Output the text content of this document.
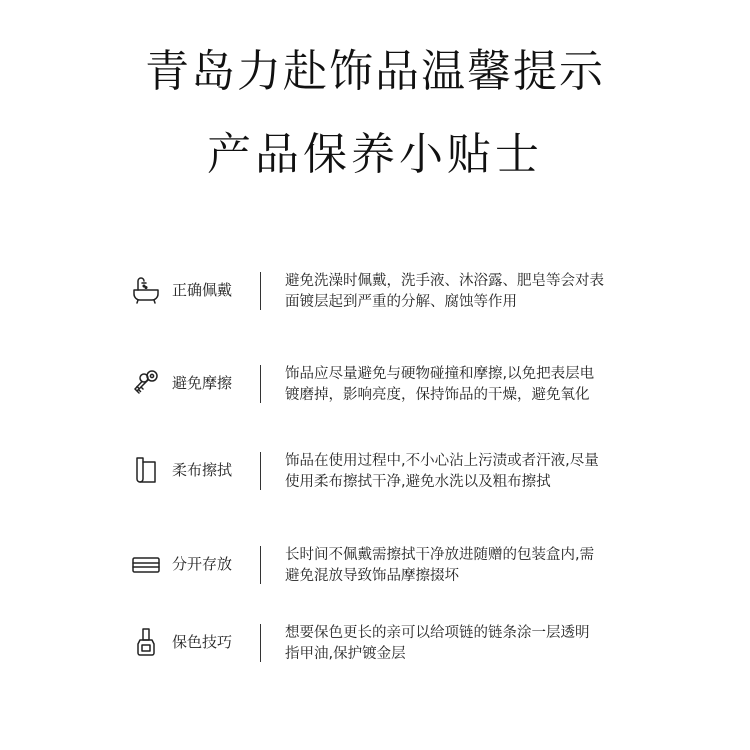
青岛力赴饰品温馨提示
产品保养小贴士
正确佩戴	避免洗澡时佩戴，洗手液、沐浴露、肥皂等会对表
面镀层起到严重的分解、腐蚀等作用
避免摩擦	饰品应尽量避免与硬物碰撞和摩擦,以免把表层电
镀磨掉，影响亮度，保持饰品的干燥，避免氧化
柔布擦拭	饰品在使用过程中,不小心沾上污渍或者汗液,尽量
使用柔布擦拭干净,避免水洗以及粗布擦拭
分开存放	长时间不佩戴需擦拭干净放进随赠的包装盒内,需
避免混放导致饰品摩擦掇坏
保色技巧	想要保色更长的亲可以给项链的链条涂一层透明
指甲油,保护镀金层
